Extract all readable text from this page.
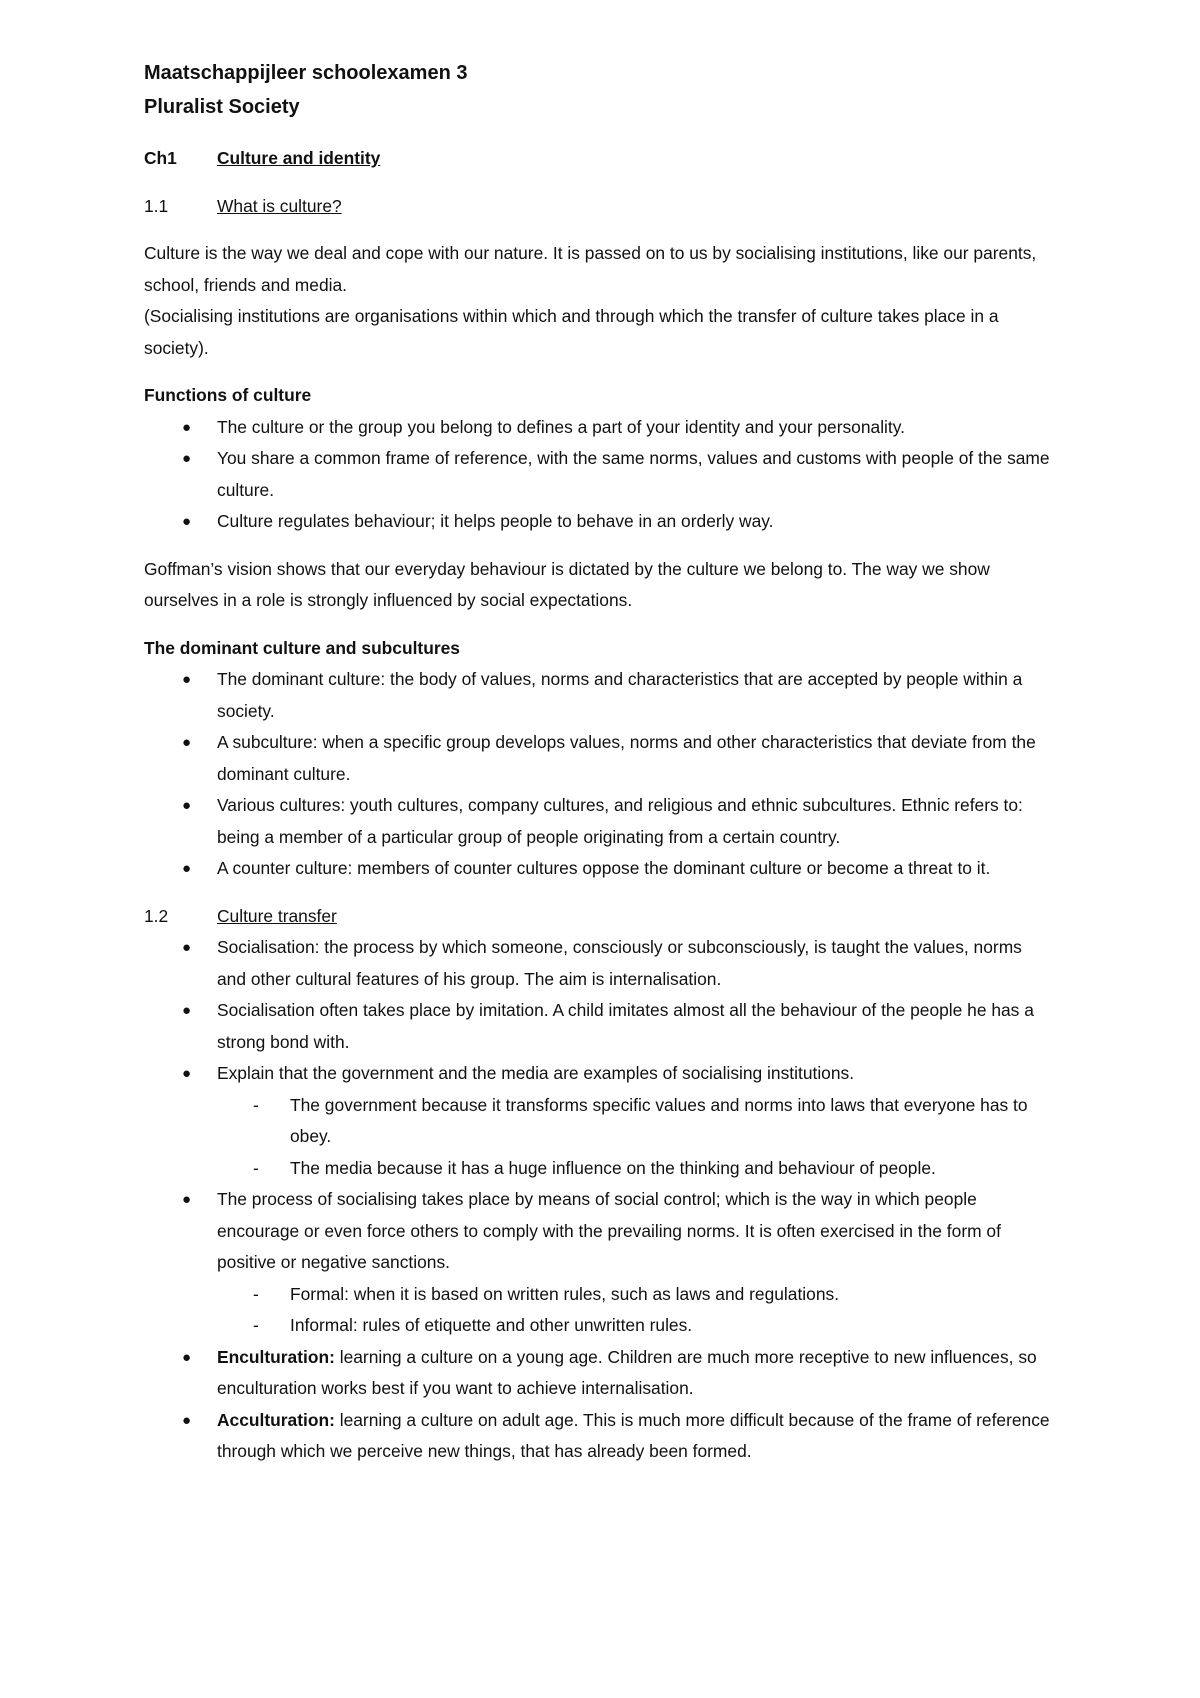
Maatschappijleer schoolexamen 3

Pluralist Society

Ch1 Culture and identity
1.1	What is culture?

Culture is the way we deal and cope with our nature. It is passed on to us by socialising institutions, like our parents, school, friends and media.

(Socialising institutions are organisations within which and through which the transfer of culture takes place in a society).

Functions of culture

● The culture or the group you belong to defines a part of your identity and your personality.
● You share a common frame of reference, with the same norms, values and customs with people of the same culture.
● Culture regulates behaviour; it helps people to behave in an orderly way.

Goffman’s vision shows that our everyday behaviour is dictated by the culture we belong to. The way we show ourselves in a role is strongly influenced by social expectations.

The dominant culture and subcultures

● The dominant culture: the body of values, norms and characteristics that are accepted by people within a society.
● A subculture: when a specific group develops values, norms and other characteristics that deviate from the dominant culture.
● Various cultures: youth cultures, company cultures, and religious and ethnic subcultures. Ethnic refers to: being a member of a particular group of people originating from a certain country.
● A counter culture: members of counter cultures oppose the dominant culture or become a threat to it.
1.2	Culture transfer
● Socialisation: the process by which someone, consciously or subconsciously, is taught the values, norms and other cultural features of his group. The aim is internalisation.
● Socialisation often takes place by imitation. A child imitates almost all the behaviour of the people he has a strong bond with.
● Explain that the government and the media are examples of socialising institutions.
- The government because it transforms specific values and norms into laws that everyone has to obey.
- The media because it has a huge influence on the thinking and behaviour of people.
● The process of socialising takes place by means of social control; which is the way in which people encourage or even force others to comply with the prevailing norms. It is often exercised in the form of positive or negative sanctions.
- Formal: when it is based on written rules, such as laws and regulations.
- Informal: rules of etiquette and other unwritten rules.
● Enculturation: learning a culture on a young age. Children are much more receptive to new influences, so enculturation works best if you want to achieve internalisation.
● Acculturation: learning a culture on adult age. This is much more difficult because of the frame of reference through which we perceive new things, that has already been formed.
